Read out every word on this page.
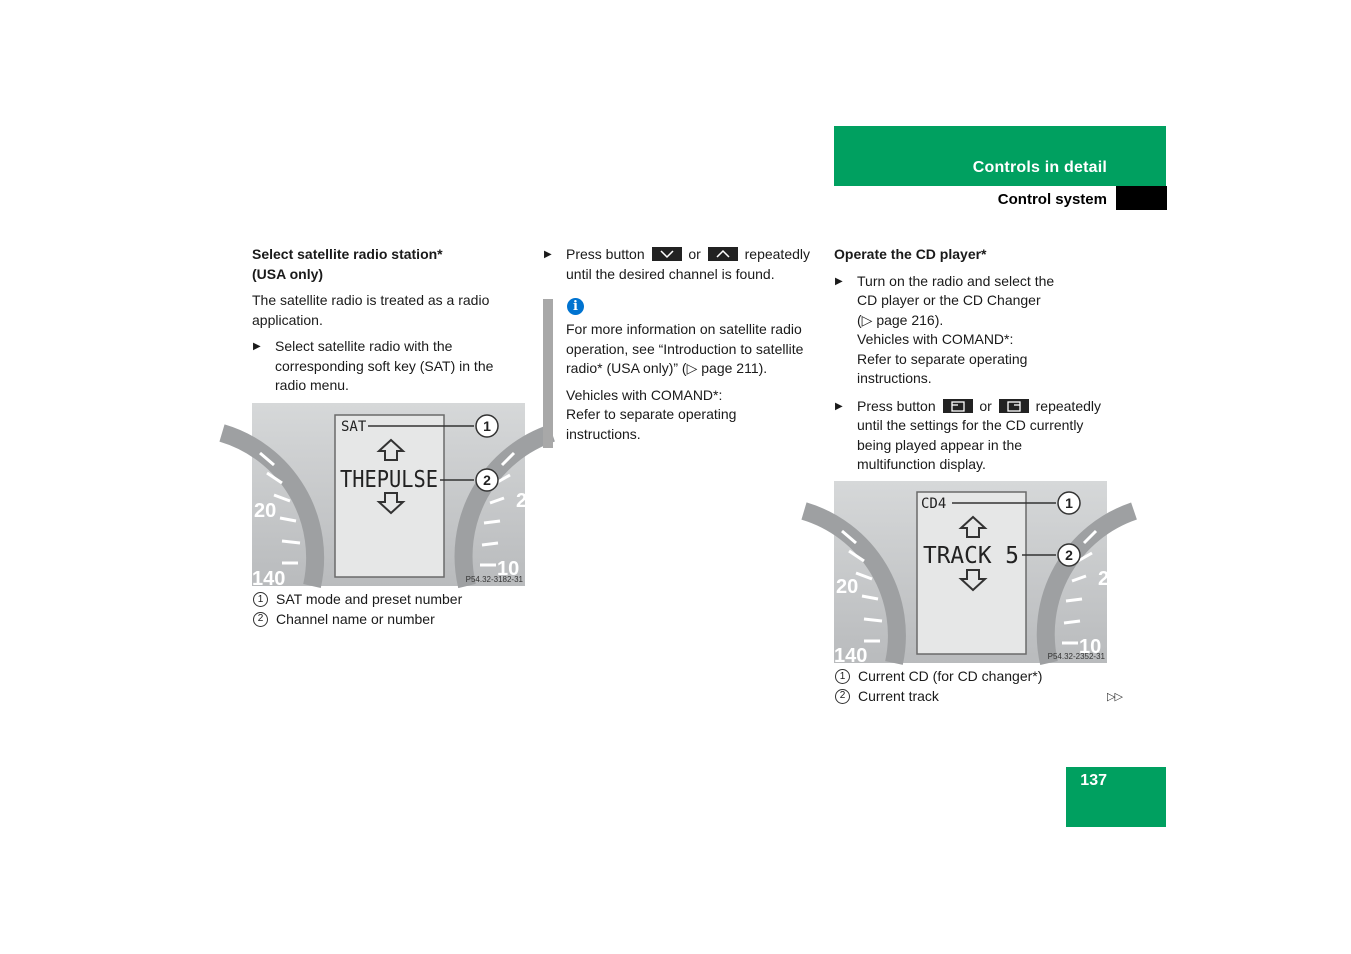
Controls in detail
Control system
Select satellite radio station*
(USA only)
The satellite radio is treated as a radio
application.
▶ Select satellite radio with the
corresponding soft key (SAT) in the
radio menu.
1
2
SAT
THEPULSE
20
140
2
10
P54.32-3182-31
1 SAT mode and preset number
2 Channel name or number
▶ Press button	or	repeatedly
until the desired channel is found.
i
For more information on satellite radio
operation, see “Introduction to satellite
radio* (USA only)” (▷ page 211).
Vehicles with COMAND*:
Refer to separate operating
instructions.
Operate the CD player*
▶ Turn on the radio and select the
CD player or the CD Changer
(▷ page 216).
Vehicles with COMAND*:
Refer to separate operating
instructions.
▶ Press button	or	repeatedly
until the settings for the CD currently
being played appear in the
multifunction display.
1
2
CD4
TRACK 5
20
140
2
10
P54.32-2352-31
1 Current CD (for CD changer*)
2 Current track	▷▷
137
